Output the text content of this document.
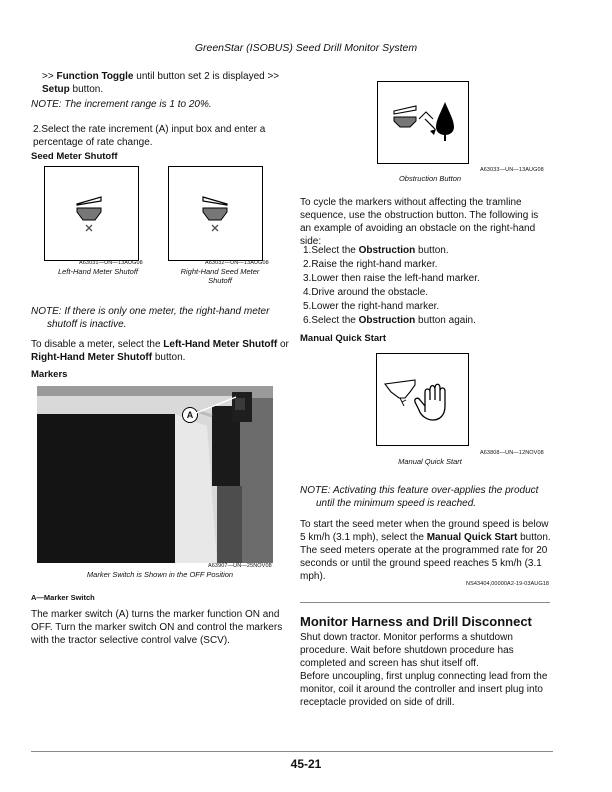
GreenStar (ISOBUS) Seed Drill Monitor System

>> Function Toggle until button set 2 is displayed >> Setup button.

NOTE: The increment range is 1 to 20%.

2.Select the rate increment (A) input box and enter a percentage of rate change.

Seed Meter Shutoff

A63031—UN—13AUG08
Left-Hand Meter Shutoff
A63032—UN—13AUG08
Right-Hand Seed Meter
Shutoff
NOTE: If there is only one meter, the right-hand meter
shutoff is inactive.

To disable a meter, select the Left-Hand Meter Shutoff or Right-Hand Meter Shutoff button.

Markers

A
A63907—UN—25NOV08
Marker Switch is Shown in the OFF Position

A—Marker Switch

The marker switch (A) turns the marker function ON and OFF. Turn the marker switch ON and control the markers with the tractor selective control valve (SCV).

A63033—UN—13AUG08
Obstruction Button

To cycle the markers without affecting the tramline sequence, use the obstruction button. The following is an example of avoiding an obstacle on the right-hand side:

1.Select the Obstruction button.
2.Raise the right-hand marker.
3.Lower then raise the left-hand marker.
4.Drive around the obstacle.
5.Lower the right-hand marker.
6.Select the Obstruction button again.

Manual Quick Start

A63808—UN—12NOV08
Manual Quick Start
NOTE: Activating this feature over-applies the product
until the minimum speed is reached.

To start the seed meter when the ground speed is below 5 km/h (3.1 mph), select the Manual Quick Start button. The seed meters operate at the programmed rate for 20 seconds or until the ground speed reaches 5 km/h (3.1 mph).

NS43404,00000A2-19-03AUG18

Monitor Harness and Drill Disconnect

Shut down tractor. Monitor performs a shutdown procedure. Wait before shutdown procedure has completed and screen has shut itself off.

Before uncoupling, first unplug connecting lead from the monitor, coil it around the controller and insert plug into receptacle provided on side of drill.

45-21
